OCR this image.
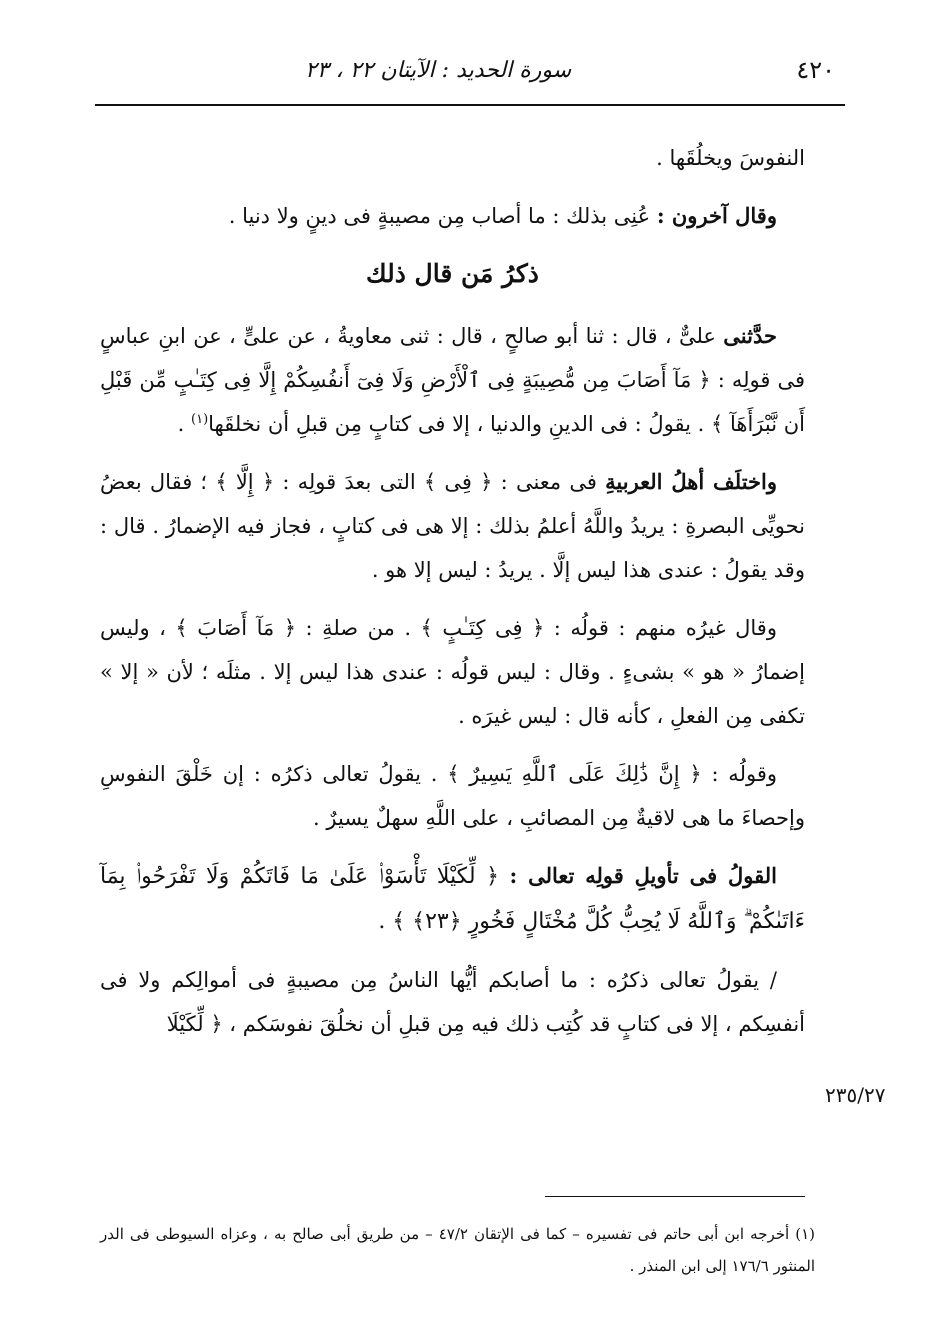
٤٢٠
سورة الحديد : الآيتان ٢٢ ، ٢٣

النفوسَ ويخلُقَها .

وقال آخرون : عُنِى بذلك : ما أصاب مِن مصيبةٍ فى دينٍ ولا دنيا .

ذكرُ مَن قال ذلك

حدَّثنى علىٌّ ، قال : ثنا أبو صالحٍ ، قال : ثنى معاويةُ ، عن علىٍّ ، عن ابنِ عباسٍ فى قولِه : ﴿ مَآ أَصَابَ مِن مُّصِيبَةٍ فِى ٱلْأَرْضِ وَلَا فِىٓ أَنفُسِكُمْ إِلَّا فِى كِتَـٰبٍ مِّن قَبْلِ أَن نَّبْرَأَهَآ ﴾ . يقولُ : فى الدينِ والدنيا ، إلا فى كتابٍ مِن قبلِ أن نخلقَها$^{(١)}$ .

واختلَف أهلُ العربيةِ فى معنى : ﴿ فِى ﴾ التى بعدَ قولِه : ﴿ إِلَّا ﴾ ؛ فقال بعضُ نحويِّى البصرةِ : يريدُ واللَّهُ أعلمُ بذلك : إلا هى فى كتابٍ ، فجاز فيه الإضمارُ . قال : وقد يقولُ : عندى هذا ليس إلَّا . يريدُ : ليس إلا هو .

وقال غيرُه منهم : قولُه : ﴿ فِى كِتَـٰبٍ ﴾ . من صلةِ : ﴿ مَآ أَصَابَ ﴾ ، وليس إضمارُ « هو » بشىءٍ . وقال : ليس قولُه : عندى هذا ليس إلا . مثلَه ؛ لأن « إلا » تكفى مِن الفعلِ ، كأنه قال : ليس غيرَه .

وقولُه : ﴿ إِنَّ ذَٰلِكَ عَلَى ٱللَّهِ يَسِيرٌ ﴾ . يقولُ تعالى ذكرُه : إن خَلْقَ النفوسِ وإحصاءَ ما هى لاقيةٌ مِن المصائبِ ، على اللَّهِ سهلٌ يسيرٌ .

القولُ فى تأويلِ قولِه تعالى : ﴿ لِّكَيْلَا تَأْسَوْا۟ عَلَىٰ مَا فَاتَكُمْ وَلَا تَفْرَحُوا۟ بِمَآ ءَاتَىٰكُمْ ۗ وَٱللَّهُ لَا يُحِبُّ كُلَّ مُخْتَالٍ فَخُورٍ ﴿٢٣﴾ ﴾ .

/ يقولُ تعالى ذكرُه : ما أصابكم أيُّها الناسُ مِن مصيبةٍ فى أموالِكم ولا فى أنفسِكم ، إلا فى كتابٍ قد كُتِب ذلك فيه مِن قبلِ أن نخلُقَ نفوسَكم ، ﴿ لِّكَيْلَا

٢٣٥/٢٧
(١) أخرجه ابن أبى حاتم فى تفسيره – كما فى الإتقان ٤٧/٢ – من طريق أبى صالح به ، وعزاه السيوطى فى الدر المنثور ١٧٦/٦ إلى ابن المنذر .
